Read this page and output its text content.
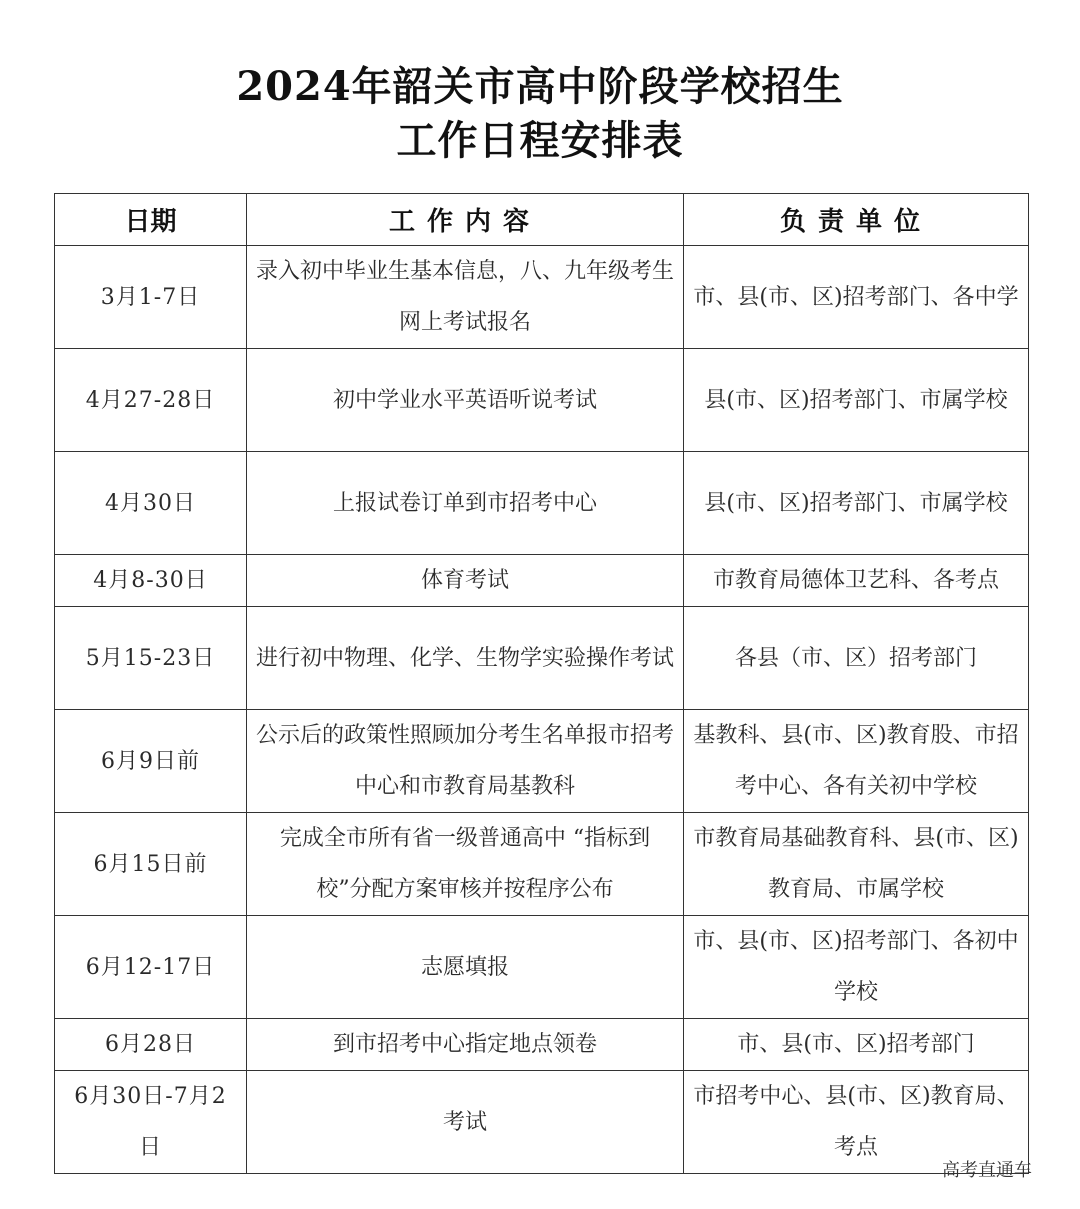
2024年韶关市高中阶段学校招生
工作日程安排表
日期	工作内容	负责单位
3月1-7日	录入初中毕业生基本信息，八、九年级考生网上考试报名	市、县(市、区)招考部门、各中学
4月27-28日	初中学业水平英语听说考试	县(市、区)招考部门、市属学校
4月30日	上报试卷订单到市招考中心	县(市、区)招考部门、市属学校
4月8-30日	体育考试	市教育局德体卫艺科、各考点
5月15-23日	进行初中物理、化学、生物学实验操作考试	各县（市、区）招考部门
6月9日前	公示后的政策性照顾加分考生名单报市招考中心和市教育局基教科	基教科、县(市、区)教育股、市招考中心、各有关初中学校
6月15日前	完成全市所有省一级普通高中 “指标到校”分配方案审核并按程序公布	市教育局基础教育科、县(市、区)教育局、市属学校
6月12-17日	志愿填报	市、县(市、区)招考部门、各初中学校
6月28日	到市招考中心指定地点领卷	市、县(市、区)招考部门
6月30日-7月2日	考试	市招考中心、县(市、区)教育局、考点
高考直通车
